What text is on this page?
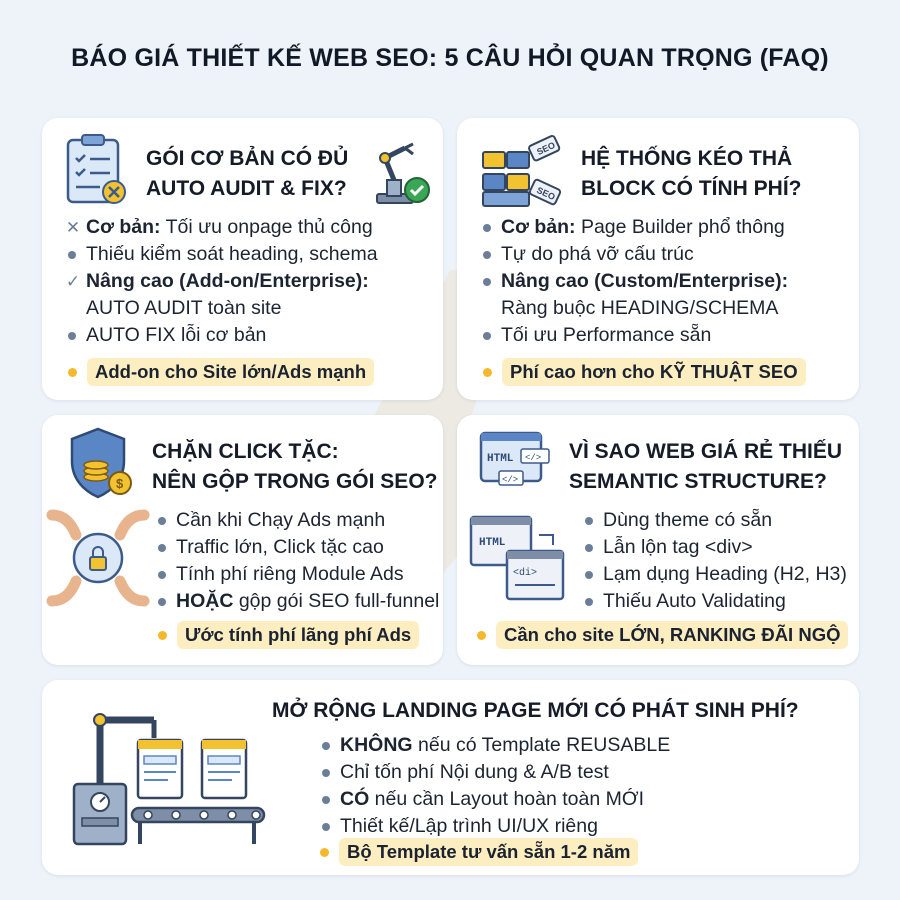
BÁO GIÁ THIẾT KẾ WEB SEO: 5 CÂU HỎI QUAN TRỌNG (FAQ)
GÓI CƠ BẢN CÓ ĐỦ
AUTO AUDIT & FIX?
✕ Cơ bản: Tối ưu onpage thủ công
Thiếu kiểm soát heading, schema
✓ Nâng cao (Add-on/Enterprise):
AUTO AUDIT toàn site
AUTO FIX lỗi cơ bản
Add-on cho Site lớn/Ads mạnh
SEO
SEO
HỆ THỐNG KÉO THẢ
BLOCK CÓ TÍNH PHÍ?
Cơ bản: Page Builder phổ thông
Tự do phá vỡ cấu trúc
Nâng cao (Custom/Enterprise):
Ràng buộc HEADING/SCHEMA
Tối ưu Performance sẵn
Phí cao hơn cho KỸ THUẬT SEO
$
CHẶN CLICK TẶC:
NÊN GỘP TRONG GÓI SEO?
Cần khi Chạy Ads mạnh
Traffic lớn, Click tặc cao
Tính phí riêng Module Ads
HOẶC gộp gói SEO full-funnel
Ước tính phí lãng phí Ads
HTML </>
</>
VÌ SAO WEB GIÁ RẺ THIẾU
SEMANTIC STRUCTURE?
HTML
<di>
Dùng theme có sẵn
Lẫn lộn tag <div>
Lạm dụng Heading (H2, H3)
Thiếu Auto Validating
Cần cho site LỚN, RANKING ĐÃI NGỘ
MỞ RỘNG LANDING PAGE MỚI CÓ PHÁT SINH PHÍ?
KHÔNG nếu có Template REUSABLE
Chỉ tốn phí Nội dung & A/B test
CÓ nếu cần Layout hoàn toàn MỚI
Thiết kế/Lập trình UI/UX riêng
Bộ Template tư vấn sẵn 1-2 năm
